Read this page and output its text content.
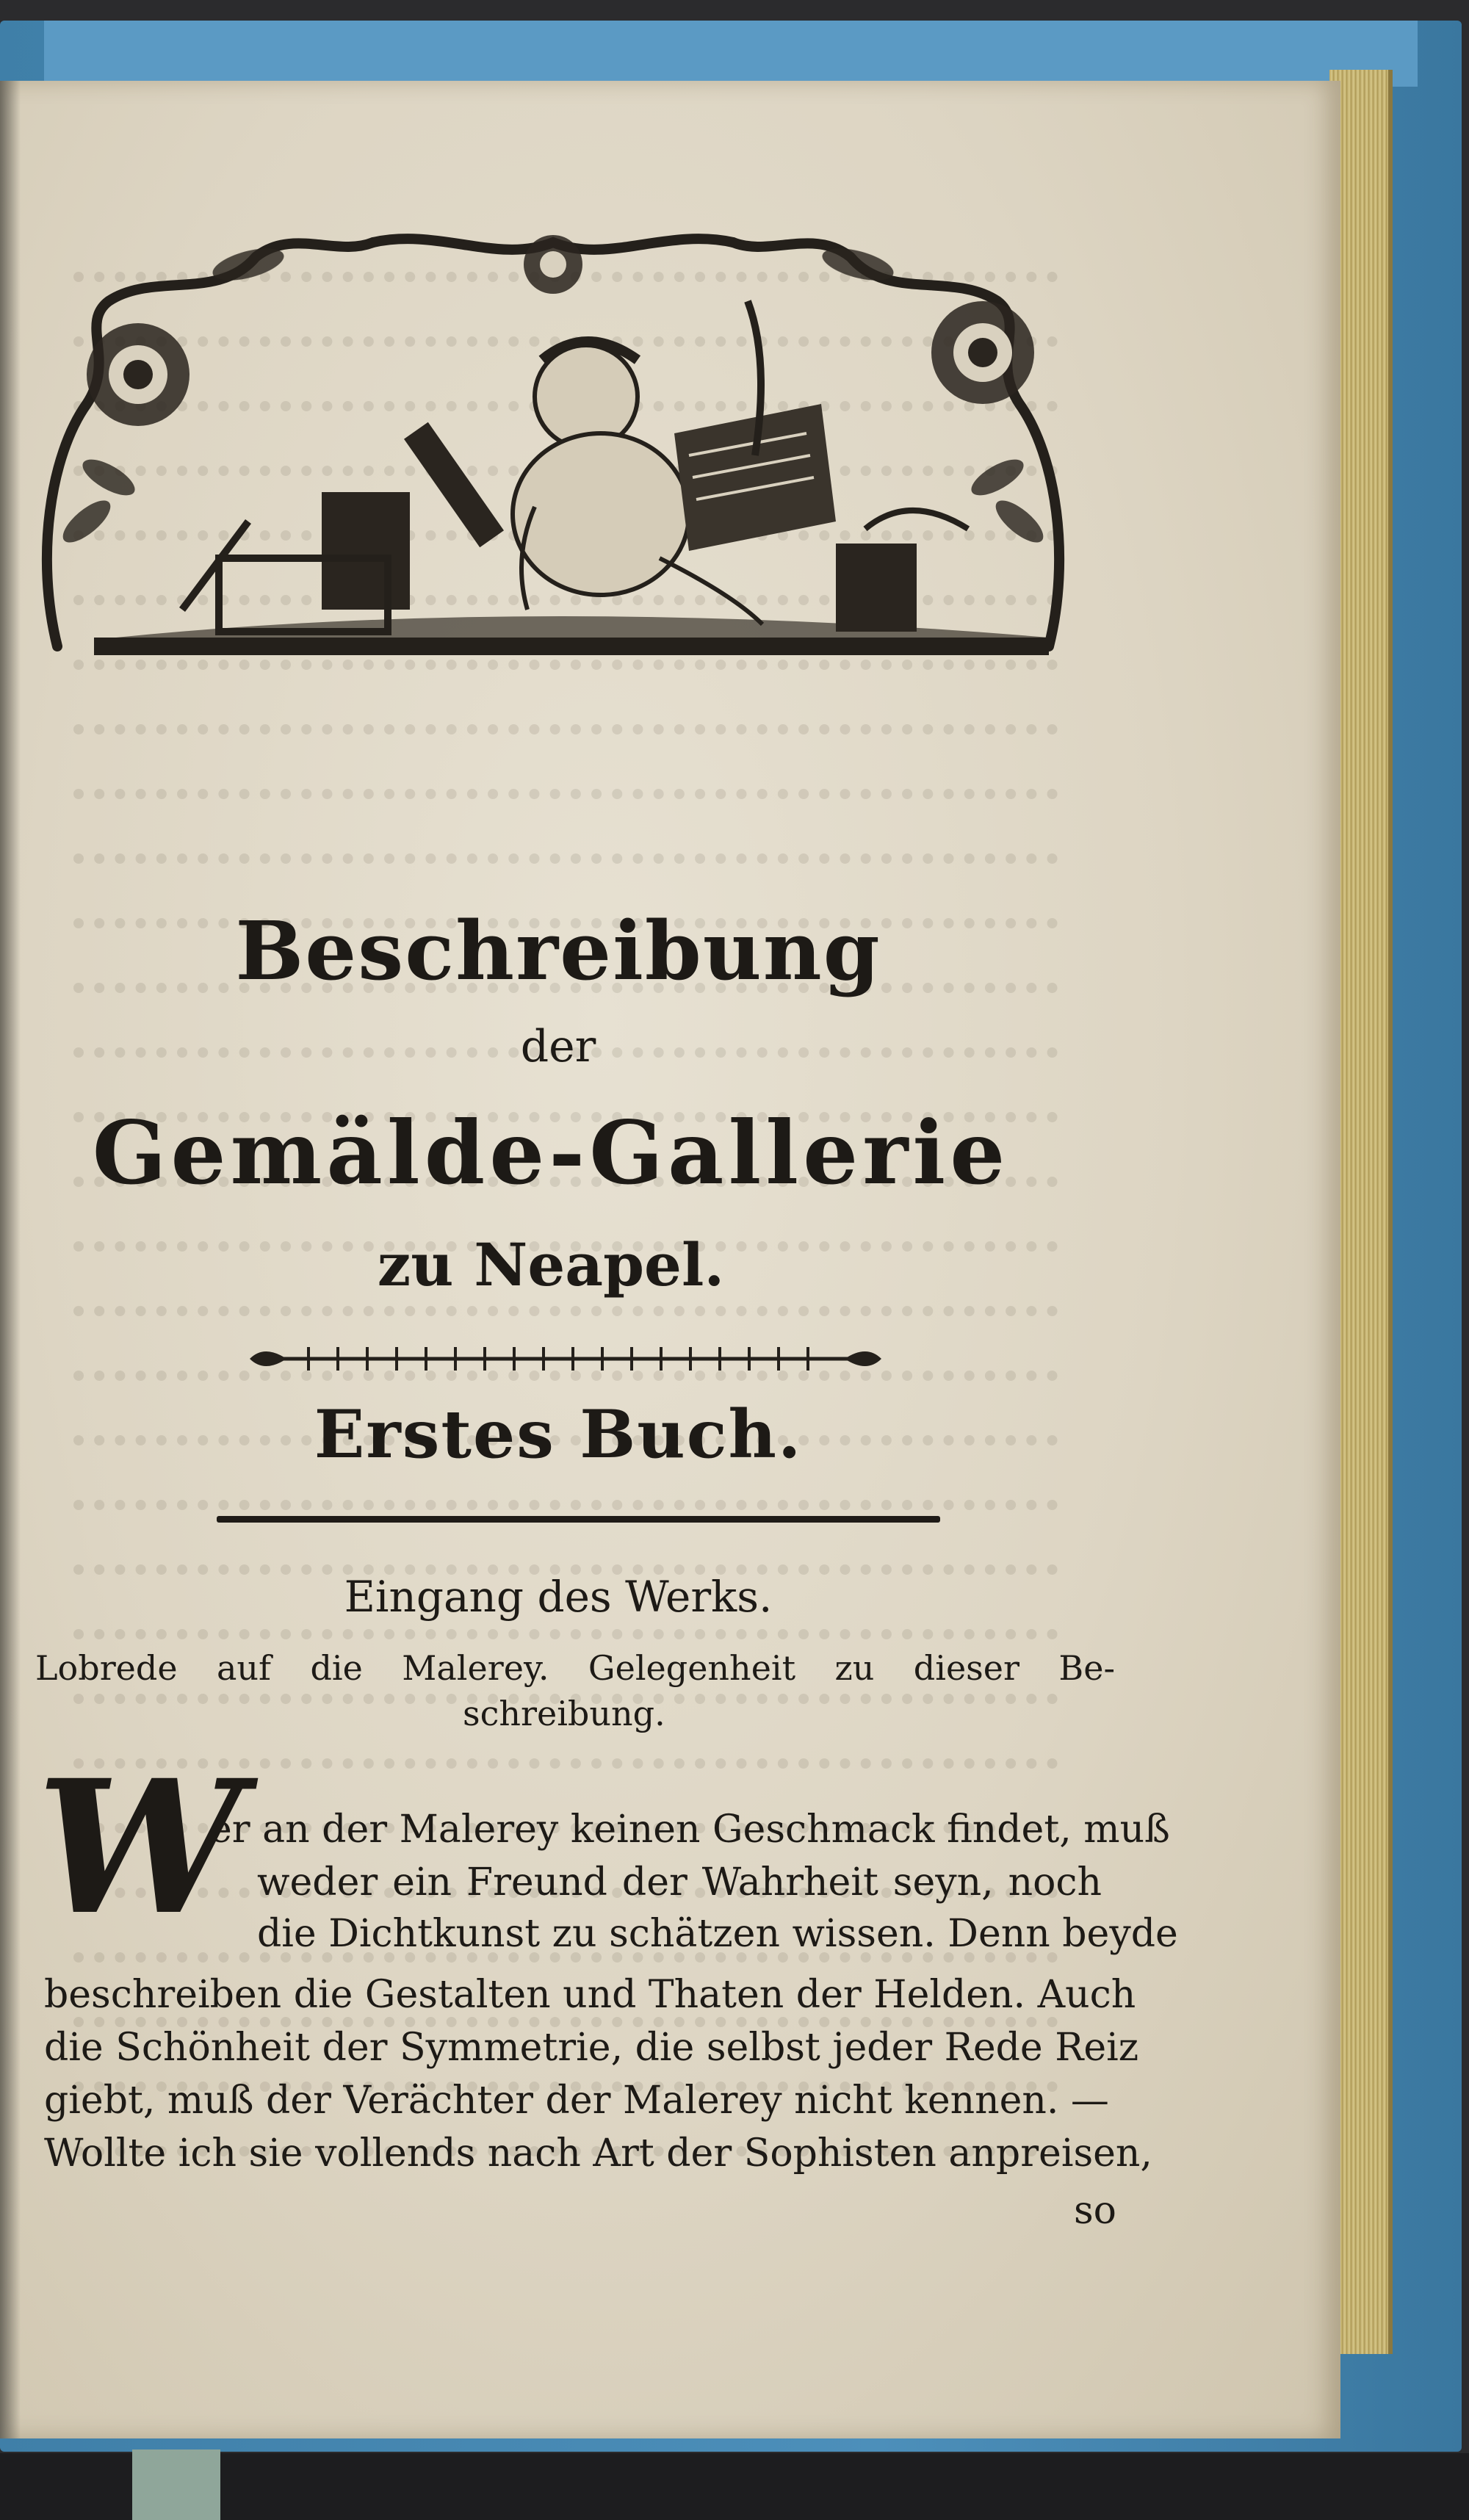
Beschreibung
der
Gemälde-Gallerie
zu Neapel.
Erstes Buch.
Eingang des Werks.
Lobrede auf die Malerey. Gelegenheit zu dieser Be-
schreibung.
W
er an der Malerey keinen Geschmack findet, muß
weder ein Freund der Wahrheit seyn, noch
die Dichtkunst zu schätzen wissen. Denn beyde
beschreiben die Gestalten und Thaten der Helden. Auch
die Schönheit der Symmetrie, die selbst jeder Rede Reiz
giebt, muß der Verächter der Malerey nicht kennen. —
Wollte ich sie vollends nach Art der Sophisten anpreisen,
so
